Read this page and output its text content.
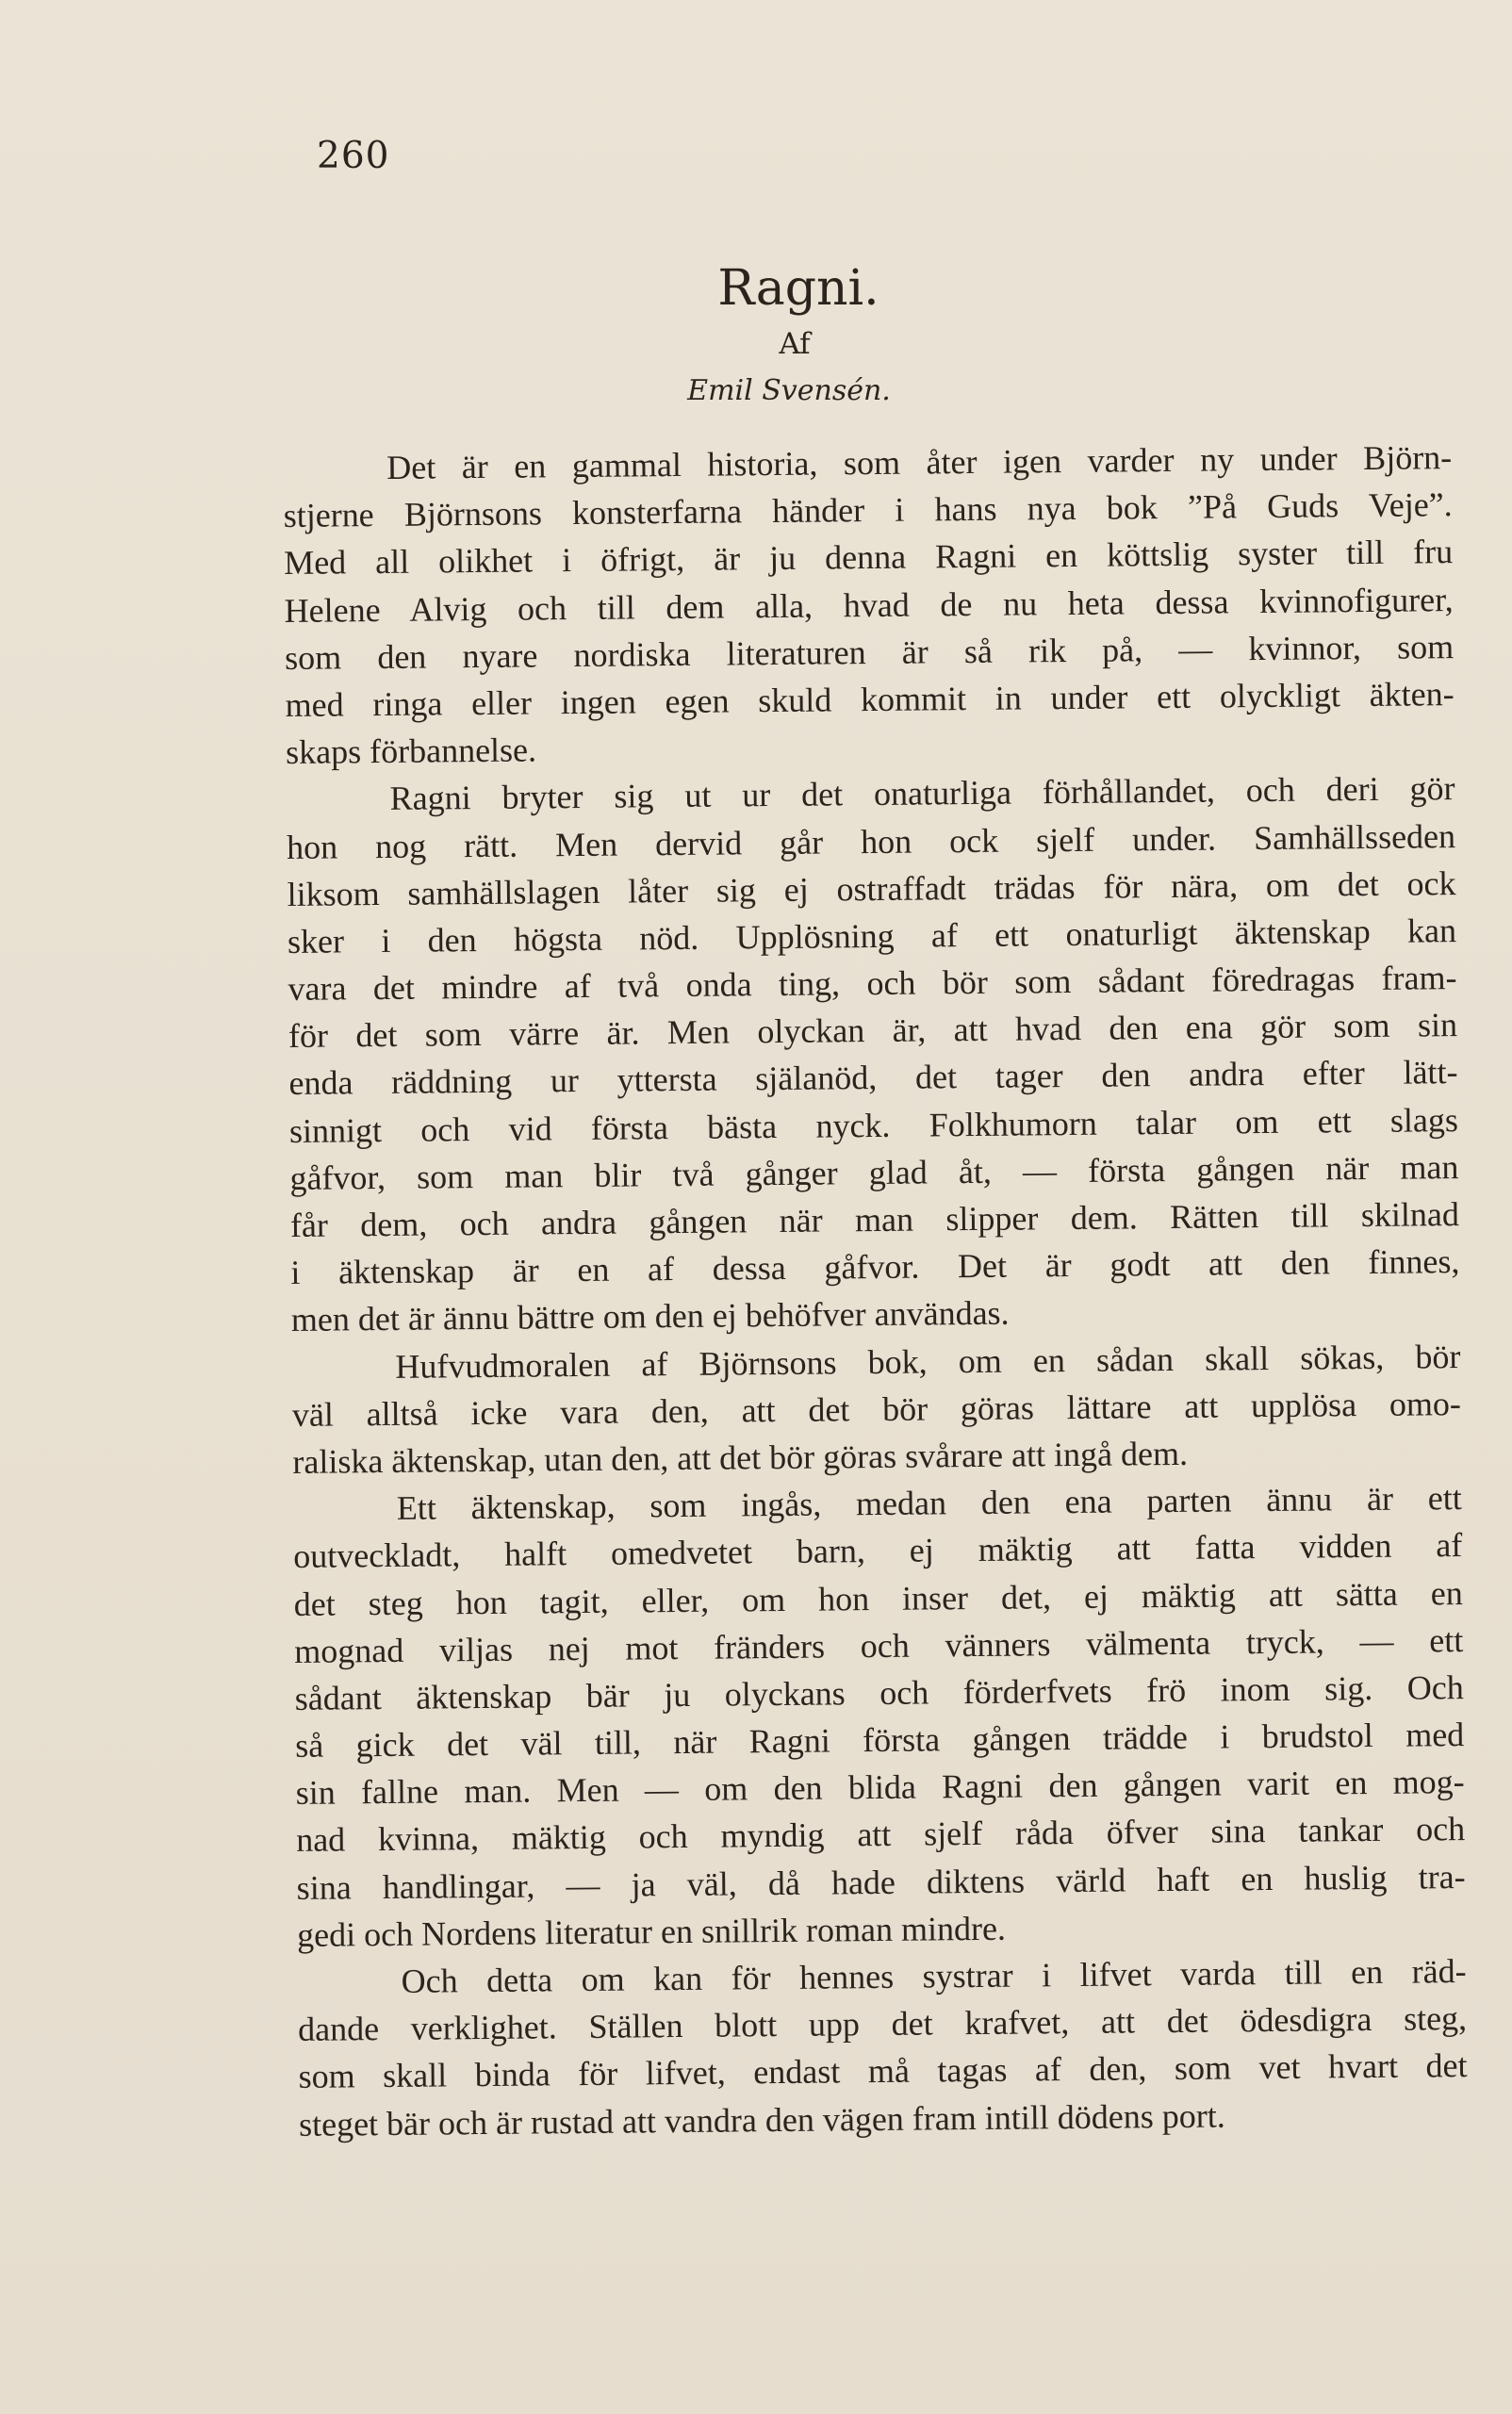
260
Ragni.
Af
Emil Svensén.
Det är en gammal historia, som åter igen varder ny under Björn-
stjerne Björnsons konsterfarna händer i hans nya bok ”På Guds Veje”.
Med all olikhet i öfrigt, är ju denna Ragni en köttslig syster till fru
Helene Alvig och till dem alla, hvad de nu heta dessa kvinnofigurer,
som den nyare nordiska literaturen är så rik på, — kvinnor, som
med ringa eller ingen egen skuld kommit in under ett olyckligt äkten-
skaps förbannelse.
Ragni bryter sig ut ur det onaturliga förhållandet, och deri gör
hon nog rätt. Men dervid går hon ock sjelf under. Samhällsseden
liksom samhällslagen låter sig ej ostraffadt trädas för nära, om det ock
sker i den högsta nöd. Upplösning af ett onaturligt äktenskap kan
vara det mindre af två onda ting, och bör som sådant föredragas fram-
för det som värre är. Men olyckan är, att hvad den ena gör som sin
enda räddning ur yttersta själanöd, det tager den andra efter lätt-
sinnigt och vid första bästa nyck. Folkhumorn talar om ett slags
gåfvor, som man blir två gånger glad åt, — första gången när man
får dem, och andra gången när man slipper dem. Rätten till skilnad
i äktenskap är en af dessa gåfvor. Det är godt att den finnes,
men det är ännu bättre om den ej behöfver användas.
Hufvudmoralen af Björnsons bok, om en sådan skall sökas, bör
väl alltså icke vara den, att det bör göras lättare att upplösa omo-
raliska äktenskap, utan den, att det bör göras svårare att ingå dem.
Ett äktenskap, som ingås, medan den ena parten ännu är ett
outveckladt, halft omedvetet barn, ej mäktig att fatta vidden af
det steg hon tagit, eller, om hon inser det, ej mäktig att sätta en
mognad viljas nej mot fränders och vänners välmenta tryck, — ett
sådant äktenskap bär ju olyckans och förderfvets frö inom sig. Och
så gick det väl till, när Ragni första gången trädde i brudstol med
sin fallne man. Men — om den blida Ragni den gången varit en mog-
nad kvinna, mäktig och myndig att sjelf råda öfver sina tankar och
sina handlingar, — ja väl, då hade diktens värld haft en huslig tra-
gedi och Nordens literatur en snillrik roman mindre.
Och detta om kan för hennes systrar i lifvet varda till en räd-
dande verklighet. Ställen blott upp det krafvet, att det ödesdigra steg,
som skall binda för lifvet, endast må tagas af den, som vet hvart det
steget bär och är rustad att vandra den vägen fram intill dödens port.
